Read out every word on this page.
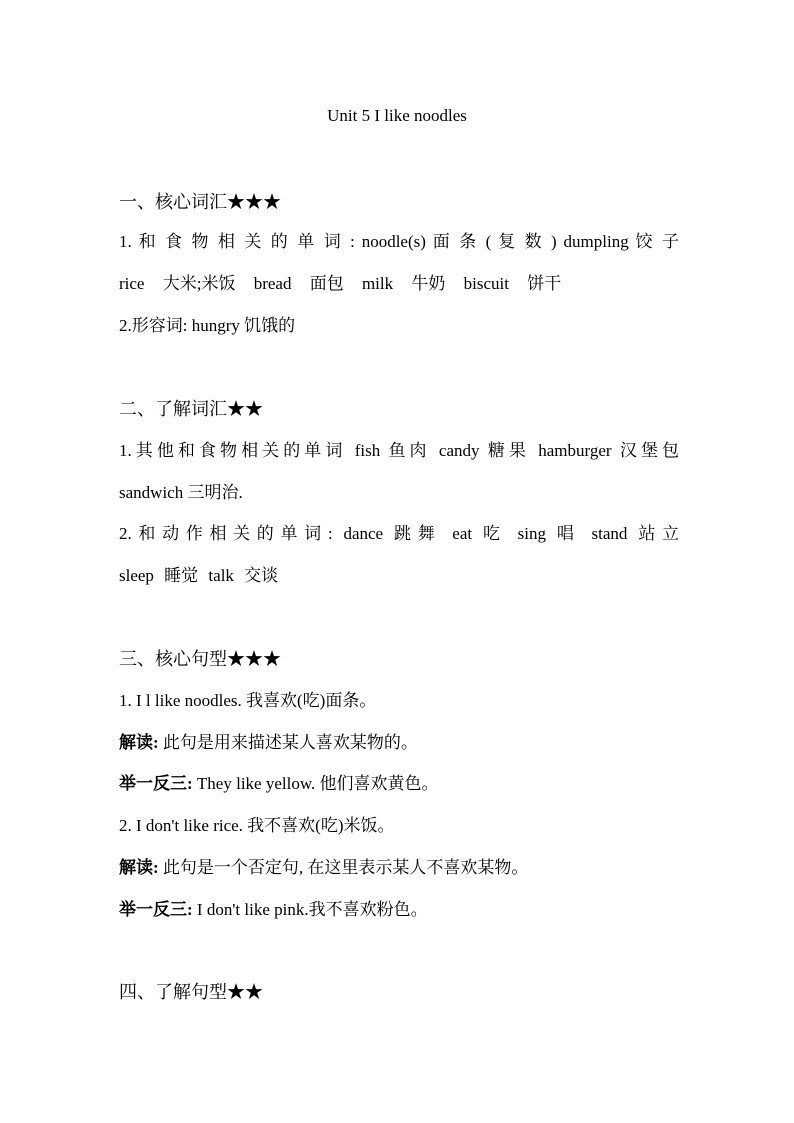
Unit 5 I like noodles
一、核心词汇★★★
1. 和 食 物 相 关 的 单 词 : noodle(s) 面 条 ( 复 数 ) dumpling 饺 子
rice 大米;米饭 bread 面包 milk 牛奶 biscuit 饼干
2.形容词: hungry 饥饿的
二、了解词汇★★
1.其他和食物相关的单词 fish 鱼肉 candy 糖果 hamburger 汉堡包
sandwich 三明治.
2.和动作相关的单词: dance 跳舞 eat 吃 sing 唱 stand 站立
sleep 睡觉 talk 交谈
三、核心句型★★★
1. I l like noodles. 我喜欢(吃)面条。
解读: 此句是用来描述某人喜欢某物的。
举一反三: They like yellow. 他们喜欢黄色。
2. I don't like rice. 我不喜欢(吃)米饭。
解读: 此句是一个否定句, 在这里表示某人不喜欢某物。
举一反三: I don't like pink.我不喜欢粉色。
四、了解句型★★
